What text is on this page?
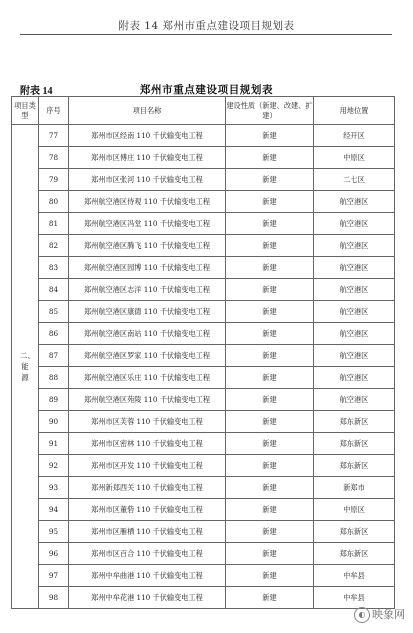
附表 14 郑州市重点建设项目规划表
附表 14	郑州市重点建设项目规划表
项目类型	序号	项目名称	建设性质（新建、改建、扩建）	用地位置
二、能源	77	郑州市区经南 110 千伏输变电工程	新建	经开区
	78	郑州市区傅庄 110 千伏输变电工程	新建	中原区
	79	郑州市区张河 110 千伏输变电工程	新建	二七区
	80	郑州航空港区侍观 110 千伏输变电工程	新建	航空港区
	81	郑州航空港区冯堂 110 千伏输变电工程	新建	航空港区
	82	郑州航空港区腾飞 110 千伏输变电工程	新建	航空港区
	83	郑州航空港区园博 110 千伏输变电工程	新建	航空港区
	84	郑州航空港区志洋 110 千伏输变电工程	新建	航空港区
	85	郑州航空港区康德 110 千伏输变电工程	新建	航空港区
	86	郑州航空港区南站 110 千伏输变电工程	新建	航空港区
	87	郑州航空港区罗家 110 千伏输变电工程	新建	航空港区
	88	郑州航空港区乐庄 110 千伏输变电工程	新建	航空港区
	89	郑州航空港区苑陵 110 千伏输变电工程	新建	航空港区
	90	郑州市区芙蓉 110 千伏输变电工程	新建	郑东新区
	91	郑州市区密林 110 千伏输变电工程	新建	郑东新区
	92	郑州市区开发 110 千伏输变电工程	新建	郑东新区
	93	郑州新郑西关 110 千伏输变电工程	新建	新郑市
	94	郑州市区董砦 110 千伏输变电工程	新建	中原区
	95	郑州市区雁栖 110 千伏输变电工程	新建	郑东新区
	96	郑州市区百合 110 千伏输变电工程	新建	郑东新区
	97	郑州中牟曲港 110 千伏输变电工程	新建	中牟县
	98	郑州中牟花港 110 千伏输变电工程	新建	中牟县
◐ 映象网
